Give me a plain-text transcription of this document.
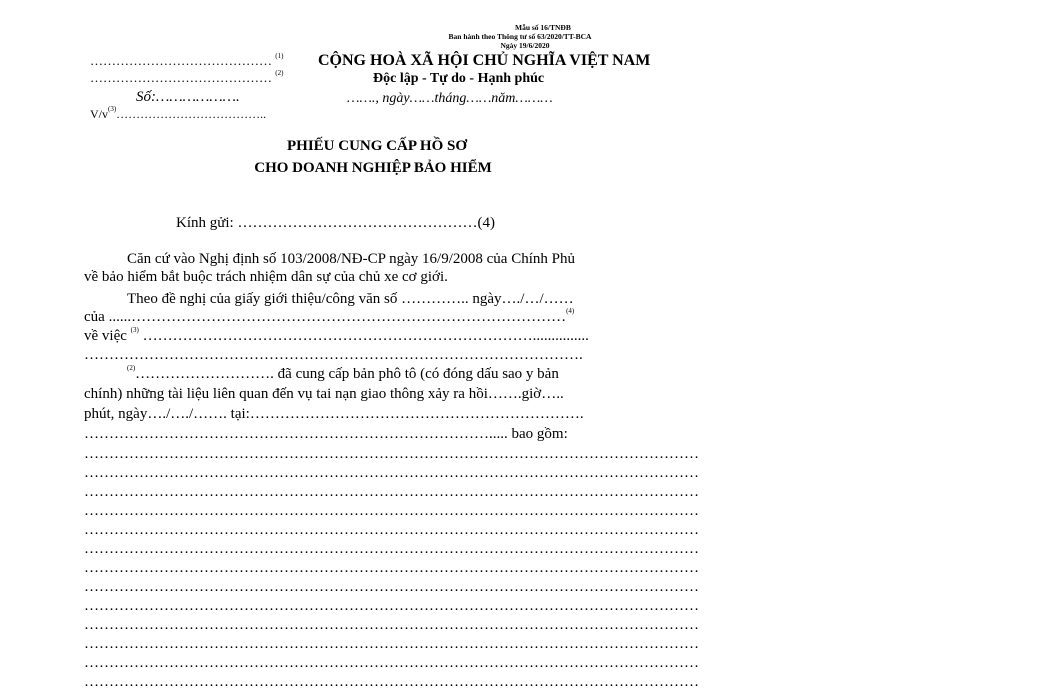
Mẫu số 16/TNĐB
Ban hành theo Thông tư số 63/2020/TT-BCA
Ngày 19/6/2020
…………………………………… $^{(1)}$
…………………………………… $^{(2)}$
Số:……………….
$V/v^{(3)}\dots\dots\dots\dots\dots\dots\dots\dots\dots\dots\dots\dots$..
CỘNG HOÀ XÃ HỘI CHỦ NGHĨA VIỆT NAM
Độc lập - Tự do - Hạnh phúc
……., ngày……tháng……năm………
PHIẾU CUNG CẤP HỒ SƠ
CHO DOANH NGHIỆP BẢO HIỂM
Kính gửi: …………………………………………(4)
Căn cứ vào Nghị định số 103/2008/NĐ-CP ngày 16/9/2008 của Chính Phủ
về bảo hiểm bắt buộc trách nhiệm dân sự của chủ xe cơ giới.
Theo đề nghị của giấy giới thiệu/công văn số ………….. ngày…./…/……
của ......……………………………………………………………………………$^{(4)}$
về việc $^{(3)}$ ……………………………………………………………………...............
……………………………………………………………………………………….
$^{(2)}$………………………. đã cung cấp bản phô tô (có đóng dấu sao y bản
chính) những tài liệu liên quan đến vụ tai nạn giao thông xảy ra hồi…….giờ…..
phút, ngày…./…./……. tại:………………………………………………………….
………………………………………………………………………..... bao gồm:
……………………………………………………………………………………………………………
……………………………………………………………………………………………………………
……………………………………………………………………………………………………………
……………………………………………………………………………………………………………
……………………………………………………………………………………………………………
……………………………………………………………………………………………………………
……………………………………………………………………………………………………………
……………………………………………………………………………………………………………
……………………………………………………………………………………………………………
……………………………………………………………………………………………………………
……………………………………………………………………………………………………………
……………………………………………………………………………………………………………
……………………………………………………………………………………………………………
